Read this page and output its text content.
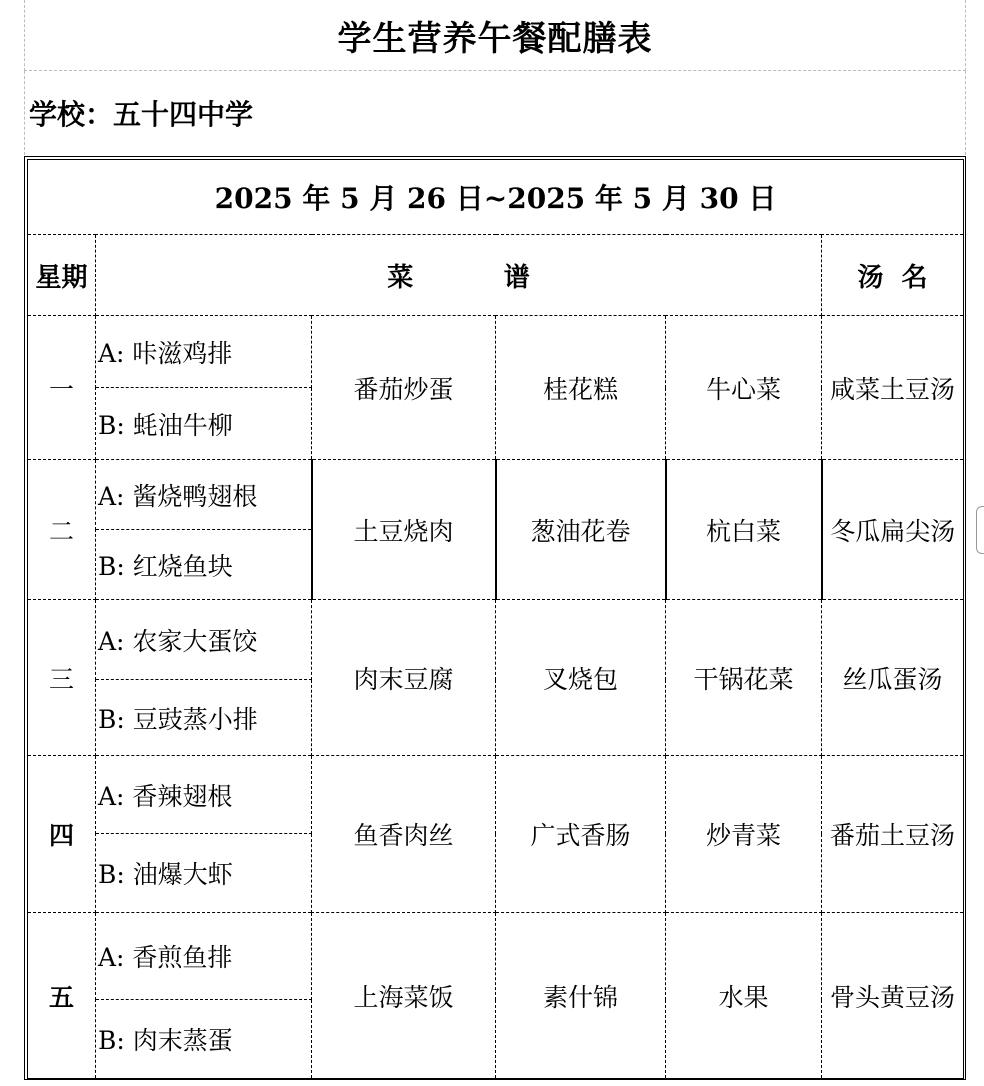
学生营养午餐配膳表
学校：五十四中学
2025 年 5 月 26 日~2025 年 5 月 30 日					
星期	菜          谱				汤  名
一	A: 咔滋鸡排	番茄炒蛋	桂花糕	牛心菜	咸菜土豆汤
	B: 蚝油牛柳				
二	A: 酱烧鸭翅根	土豆烧肉	葱油花卷	杭白菜	冬瓜扁尖汤
	B: 红烧鱼块				
三	A: 农家大蛋饺	肉末豆腐	叉烧包	干锅花菜	丝瓜蛋汤
	B: 豆豉蒸小排				
四	A: 香辣翅根	鱼香肉丝	广式香肠	炒青菜	番茄土豆汤
	B: 油爆大虾				
五	A: 香煎鱼排	上海菜饭	素什锦	水果	骨头黄豆汤
	B: 肉末蒸蛋				
